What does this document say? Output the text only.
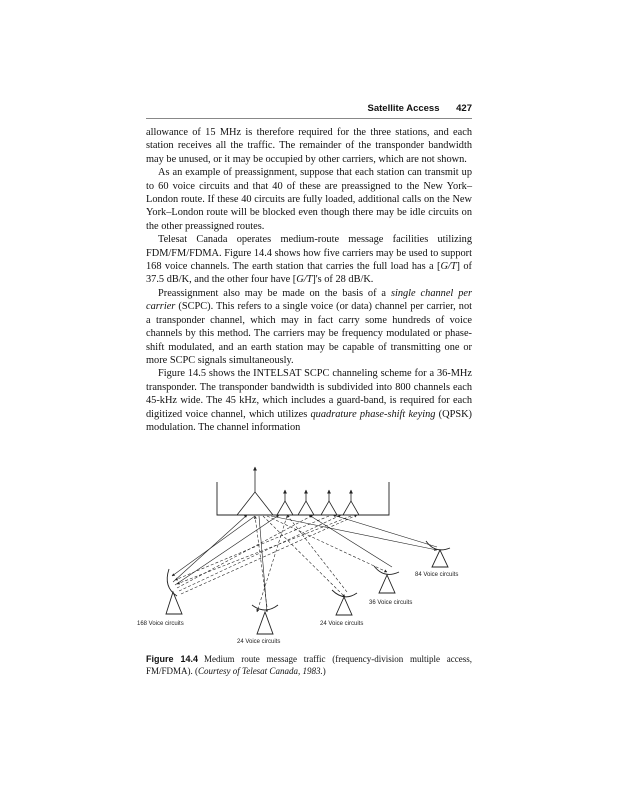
Satellite Access 427

allowance of 15 MHz is therefore required for the three stations, and each station receives all the traffic. The remainder of the transponder bandwidth may be unused, or it may be occupied by other carriers, which are not shown.

As an example of preassignment, suppose that each station can transmit up to 60 voice circuits and that 40 of these are preassigned to the New York–London route. If these 40 circuits are fully loaded, additional calls on the New York–London route will be blocked even though there may be idle circuits on the other preassigned routes.

Telesat Canada operates medium-route message facilities utilizing FDM/FM/FDMA. Figure 14.4 shows how five carriers may be used to support 168 voice channels. The earth station that carries the full load has a [G/T] of 37.5 dB/K, and the other four have [G/T]'s of 28 dB/K.

Preassignment also may be made on the basis of a single channel per carrier (SCPC). This refers to a single voice (or data) channel per carrier, not a transponder channel, which may in fact carry some hundreds of voice channels by this method. The carriers may be frequency modulated or phase-shift modulated, and an earth station may be capable of transmitting one or more SCPC signals simultaneously.

Figure 14.5 shows the INTELSAT SCPC channeling scheme for a 36-MHz transponder. The transponder bandwidth is subdivided into 800 channels each 45-kHz wide. The 45 kHz, which includes a guard-band, is required for each digitized voice channel, which utilizes quadrature phase-shift keying (QPSK) modulation. The channel information

84 Voice circuits
36 Voice circuits
168 Voice circuits	24 Voice circuits
24 Voice circuits
Figure 14.4 Medium route message traffic (frequency-division multiple access, FM/FDMA). (Courtesy of Telesat Canada, 1983.)
